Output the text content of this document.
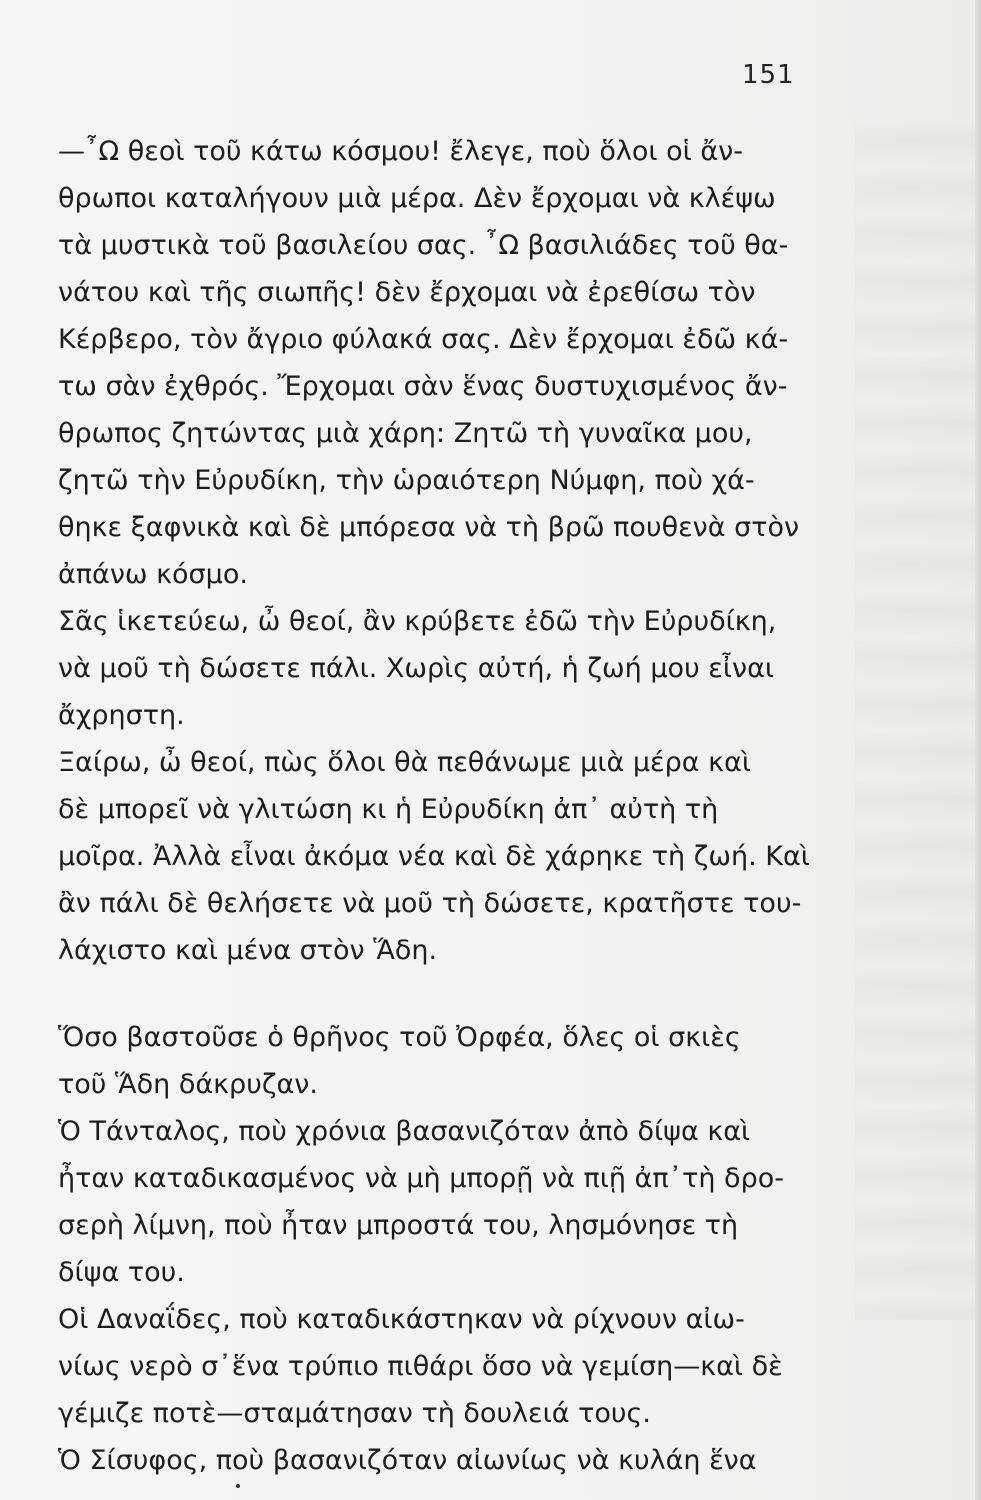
151
—῏Ω θεοὶ τοῦ κάτω κόσμου! ἔλεγε, ποὺ ὅλοι οἱ ἄν-
θρωποι καταλήγουν μιὰ μέρα. Δὲν ἔρχομαι νὰ κλέψω
τὰ μυστικὰ τοῦ βασιλείου σας. ῏Ω βασιλιάδες τοῦ θα-
νάτου καὶ τῆς σιωπῆς! δὲν ἔρχομαι νὰ ἐρεθίσω τὸν
Κέρβερο, τὸν ἄγριο φύλακά σας. Δὲν ἔρχομαι ἐδῶ κά-
τω σὰν ἐχθρός. Ἔρχομαι σὰν ἕνας δυστυχισμένος ἄν-
θρωπος ζητώντας μιὰ χάρη: Ζητῶ τὴ γυναῖκα μου,
ζητῶ τὴν Εὐρυδίκη, τὴν ὡραιότερη Νύμφη, ποὺ χά-
θηκε ξαφνικὰ καὶ δὲ μπόρεσα νὰ τὴ βρῶ πουθενὰ στὸν
ἀπάνω κόσμο.
Σᾶς ἱκετεύεω, ὦ θεοί, ἂν κρύβετε ἐδῶ τὴν Εὐρυδίκη,
νὰ μοῦ τὴ δώσετε πάλι. Χωρὶς αὐτή, ἡ ζωή μου εἶναι
ἄχρηστη.
Ξαίρω, ὦ θεοί, πὼς ὅλοι θὰ πεθάνωμε μιὰ μέρα καὶ
δὲ μπορεῖ νὰ γλιτώση κι ἡ Εὐρυδίκη ἀπ᾽ αὐτὴ τὴ
μοῖρα. Ἀλλὰ εἶναι ἀκόμα νέα καὶ δὲ χάρηκε τὴ ζωή. Καὶ
ἂν πάλι δὲ θελήσετε νὰ μοῦ τὴ δώσετε, κρατῆστε του-
λάχιστο καὶ μένα στὸν Ἅδη.
Ὅσο βαστοῦσε ὁ θρῆνος τοῦ Ὀρφέα, ὅλες οἱ σκιὲς
τοῦ Ἅδη δάκρυζαν.
Ὁ Τάνταλος, ποὺ χρόνια βασανιζόταν ἀπὸ δίψα καὶ
ἦταν καταδικασμένος νὰ μὴ μπορῇ νὰ πιῇ ἀπ᾽τὴ δρο-
σερὴ λίμνη, ποὺ ἦταν μπροστά του, λησμόνησε τὴ
δίψα του.
Οἱ Δαναΐδες, ποὺ καταδικάστηκαν νὰ ρίχνουν αἰω-
νίως νερὸ σ᾽ἕνα τρύπιο πιθάρι ὅσο νὰ γεμίση—καὶ δὲ
γέμιζε ποτὲ—σταμάτησαν τὴ δουλειά τους.
Ὁ Σίσυφος, ποὺ βασανιζόταν αἰωνίως νὰ κυλάη ἕνα
